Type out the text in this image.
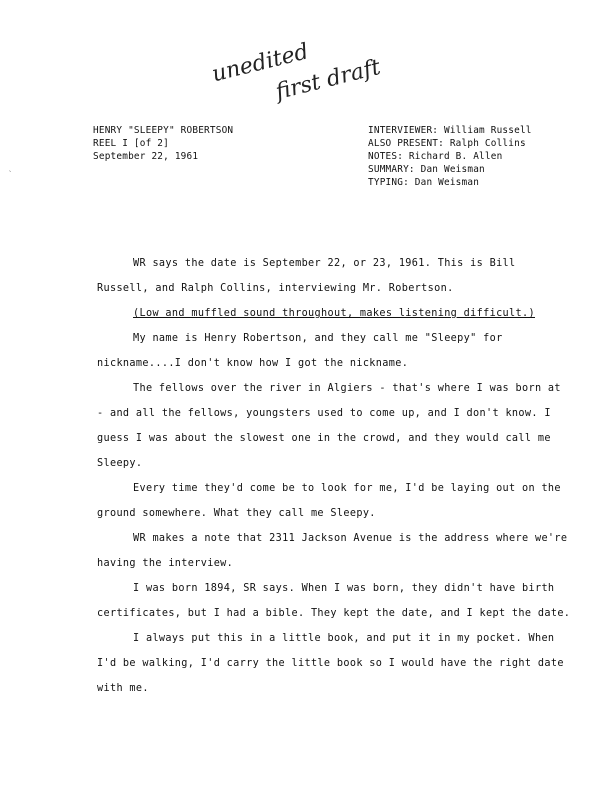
unedited
first draft
HENRY "SLEEPY" ROBERTSON
REEL I [of 2]
September 22, 1961
INTERVIEWER: William Russell
ALSO PRESENT: Ralph Collins
NOTES: Richard B. Allen
SUMMARY: Dan Weisman
TYPING: Dan Weisman
`

WR says the date is September 22, or 23, 1961. This is Bill Russell, and Ralph Collins, interviewing Mr. Robertson.

(Low and muffled sound throughout, makes listening difficult.)

My name is Henry Robertson, and they call me "Sleepy" for nickname....I don't know how I got the nickname.

The fellows over the river in Algiers - that's where I was born at - and all the fellows, youngsters used to come up, and I don't know. I guess I was about the slowest one in the crowd, and they would call me Sleepy.

Every time they'd come be to look for me, I'd be laying out on the ground somewhere. What they call me Sleepy.

WR makes a note that 2311 Jackson Avenue is the address where we're having the interview.

I was born 1894, SR says. When I was born, they didn't have birth certificates, but I had a bible. They kept the date, and I kept the date.

I always put this in a little book, and put it in my pocket. When I'd be walking, I'd carry the little book so I would have the right date with me.
